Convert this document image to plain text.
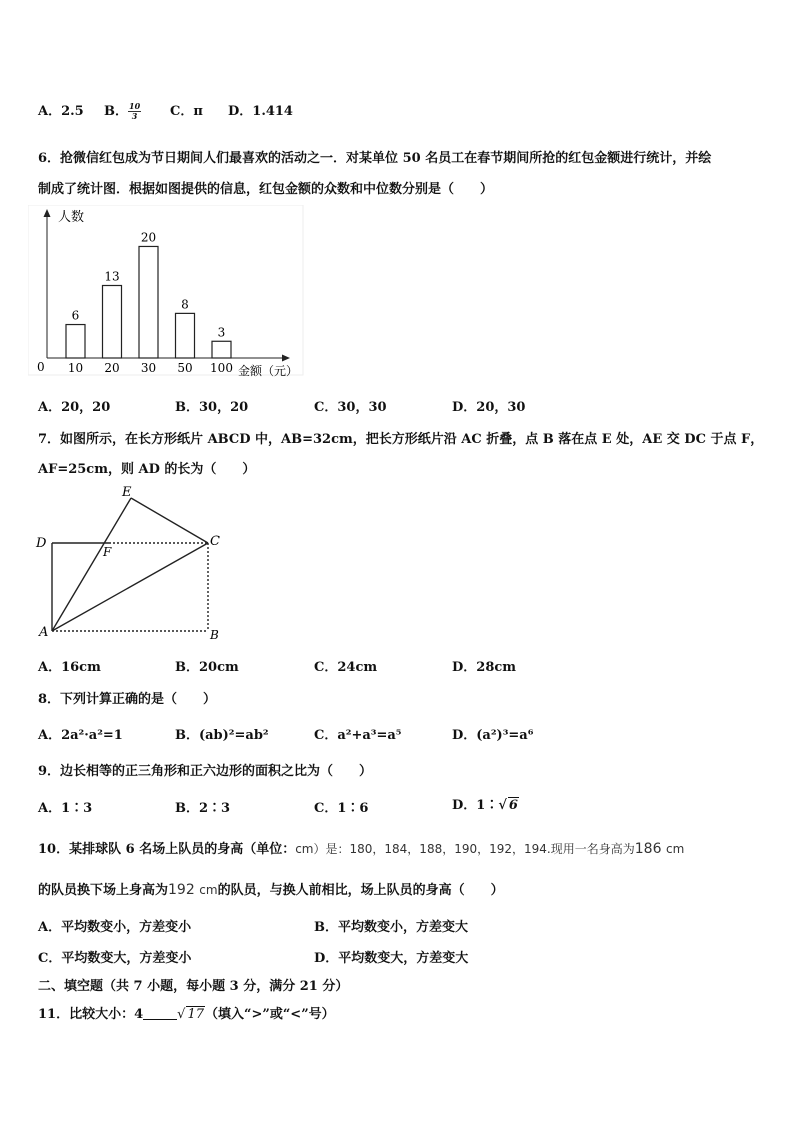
A．2.5 B． $\frac{10}{3}$ C．π D．1.414
6．抢微信红包成为节日期间人们最喜欢的活动之一．对某单位 50 名员工在春节期间所抢的红包金额进行统计，并绘
制成了统计图．根据如图提供的信息，红包金额的众数和中位数分别是（　　）
人数
金额（元）
0
6
10
13
20
20
30
8
50
3
100
A．20，20	B．30，20	C．30，30	D．20，30
7．如图所示，在长方形纸片 ABCD 中，AB=32cm，把长方形纸片沿 AC 折叠，点 B 落在点 E 处，AE 交 DC 于点 F，
AF=25cm，则 AD 的长为（　　）
E
D
F
C
A	B
A．16cm	B．20cm	C．24cm	D．28cm
8．下列计算正确的是（　　）
A．2a²·a²=1	B．(ab)²=ab²	C．a²+a³=a⁵	D．(a²)³=a⁶
9．边长相等的正三角形和正六边形的面积之比为（　　）
A．1∶3	B．2∶3	C．1∶6	D．1∶√ 6
10．某排球队 6 名场上队员的身高（单位：cm）是：180，184，188，190，192，194.现用一名身高为186 cm
的队员换下场上身高为192 cm的队员，与换人前相比，场上队员的身高（　　）
A．平均数变小，方差变小	B．平均数变小，方差变大
C．平均数变大，方差变小	D．平均数变大，方差变大
二、填空题（共 7 小题，每小题 3 分，满分 21 分）
11．比较大小：4	√ 17（填入“>”或“<”号）
